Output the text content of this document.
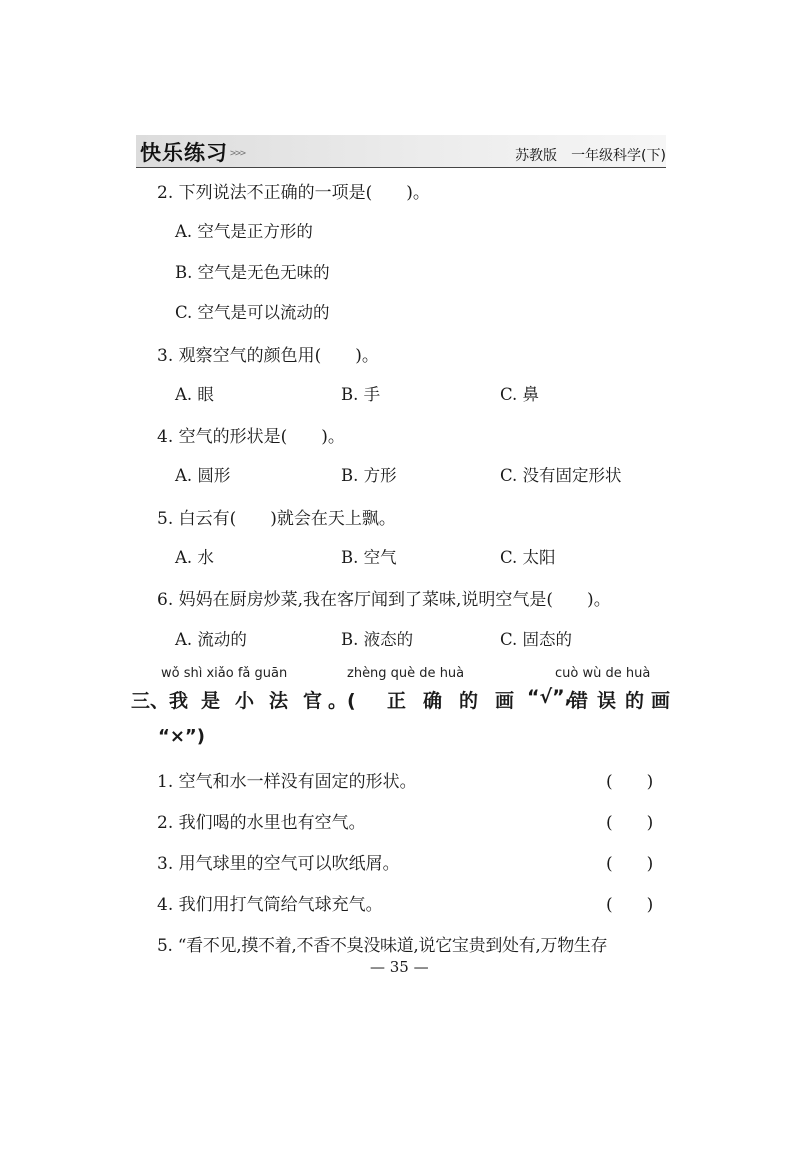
快乐练习 >>>	苏教版 一年级科学(下)
2. 下列说法不正确的一项是(　　)。
A. 空气是正方形的
B. 空气是无色无味的
C. 空气是可以流动的
3. 观察空气的颜色用(　　)。
A. 眼	B. 手	C. 鼻
4. 空气的形状是(　　)。
A. 圆形	B. 方形	C. 没有固定形状
5. 白云有(　　)就会在天上飘。
A. 水	B. 空气	C. 太阳
6. 妈妈在厨房炒菜,我在客厅闻到了菜味,说明空气是(　　)。
A. 流动的	B. 液态的	C. 固态的
wǒ shì xiǎo fǎ guān	zhèng què de huà	cuò wù de huà
三、我 是 小 法 官 。( 正 确 的 画 “√”,
错 误 的 画
“×”)
1. 空气和水一样没有固定的形状。	(　　)
2. 我们喝的水里也有空气。	(　　)
3. 用气球里的空气可以吹纸屑。	(　　)
4. 我们用打气筒给气球充气。	(　　)
5. “看不见,摸不着,不香不臭没味道,说它宝贵到处有,万物生存
— 35 —
